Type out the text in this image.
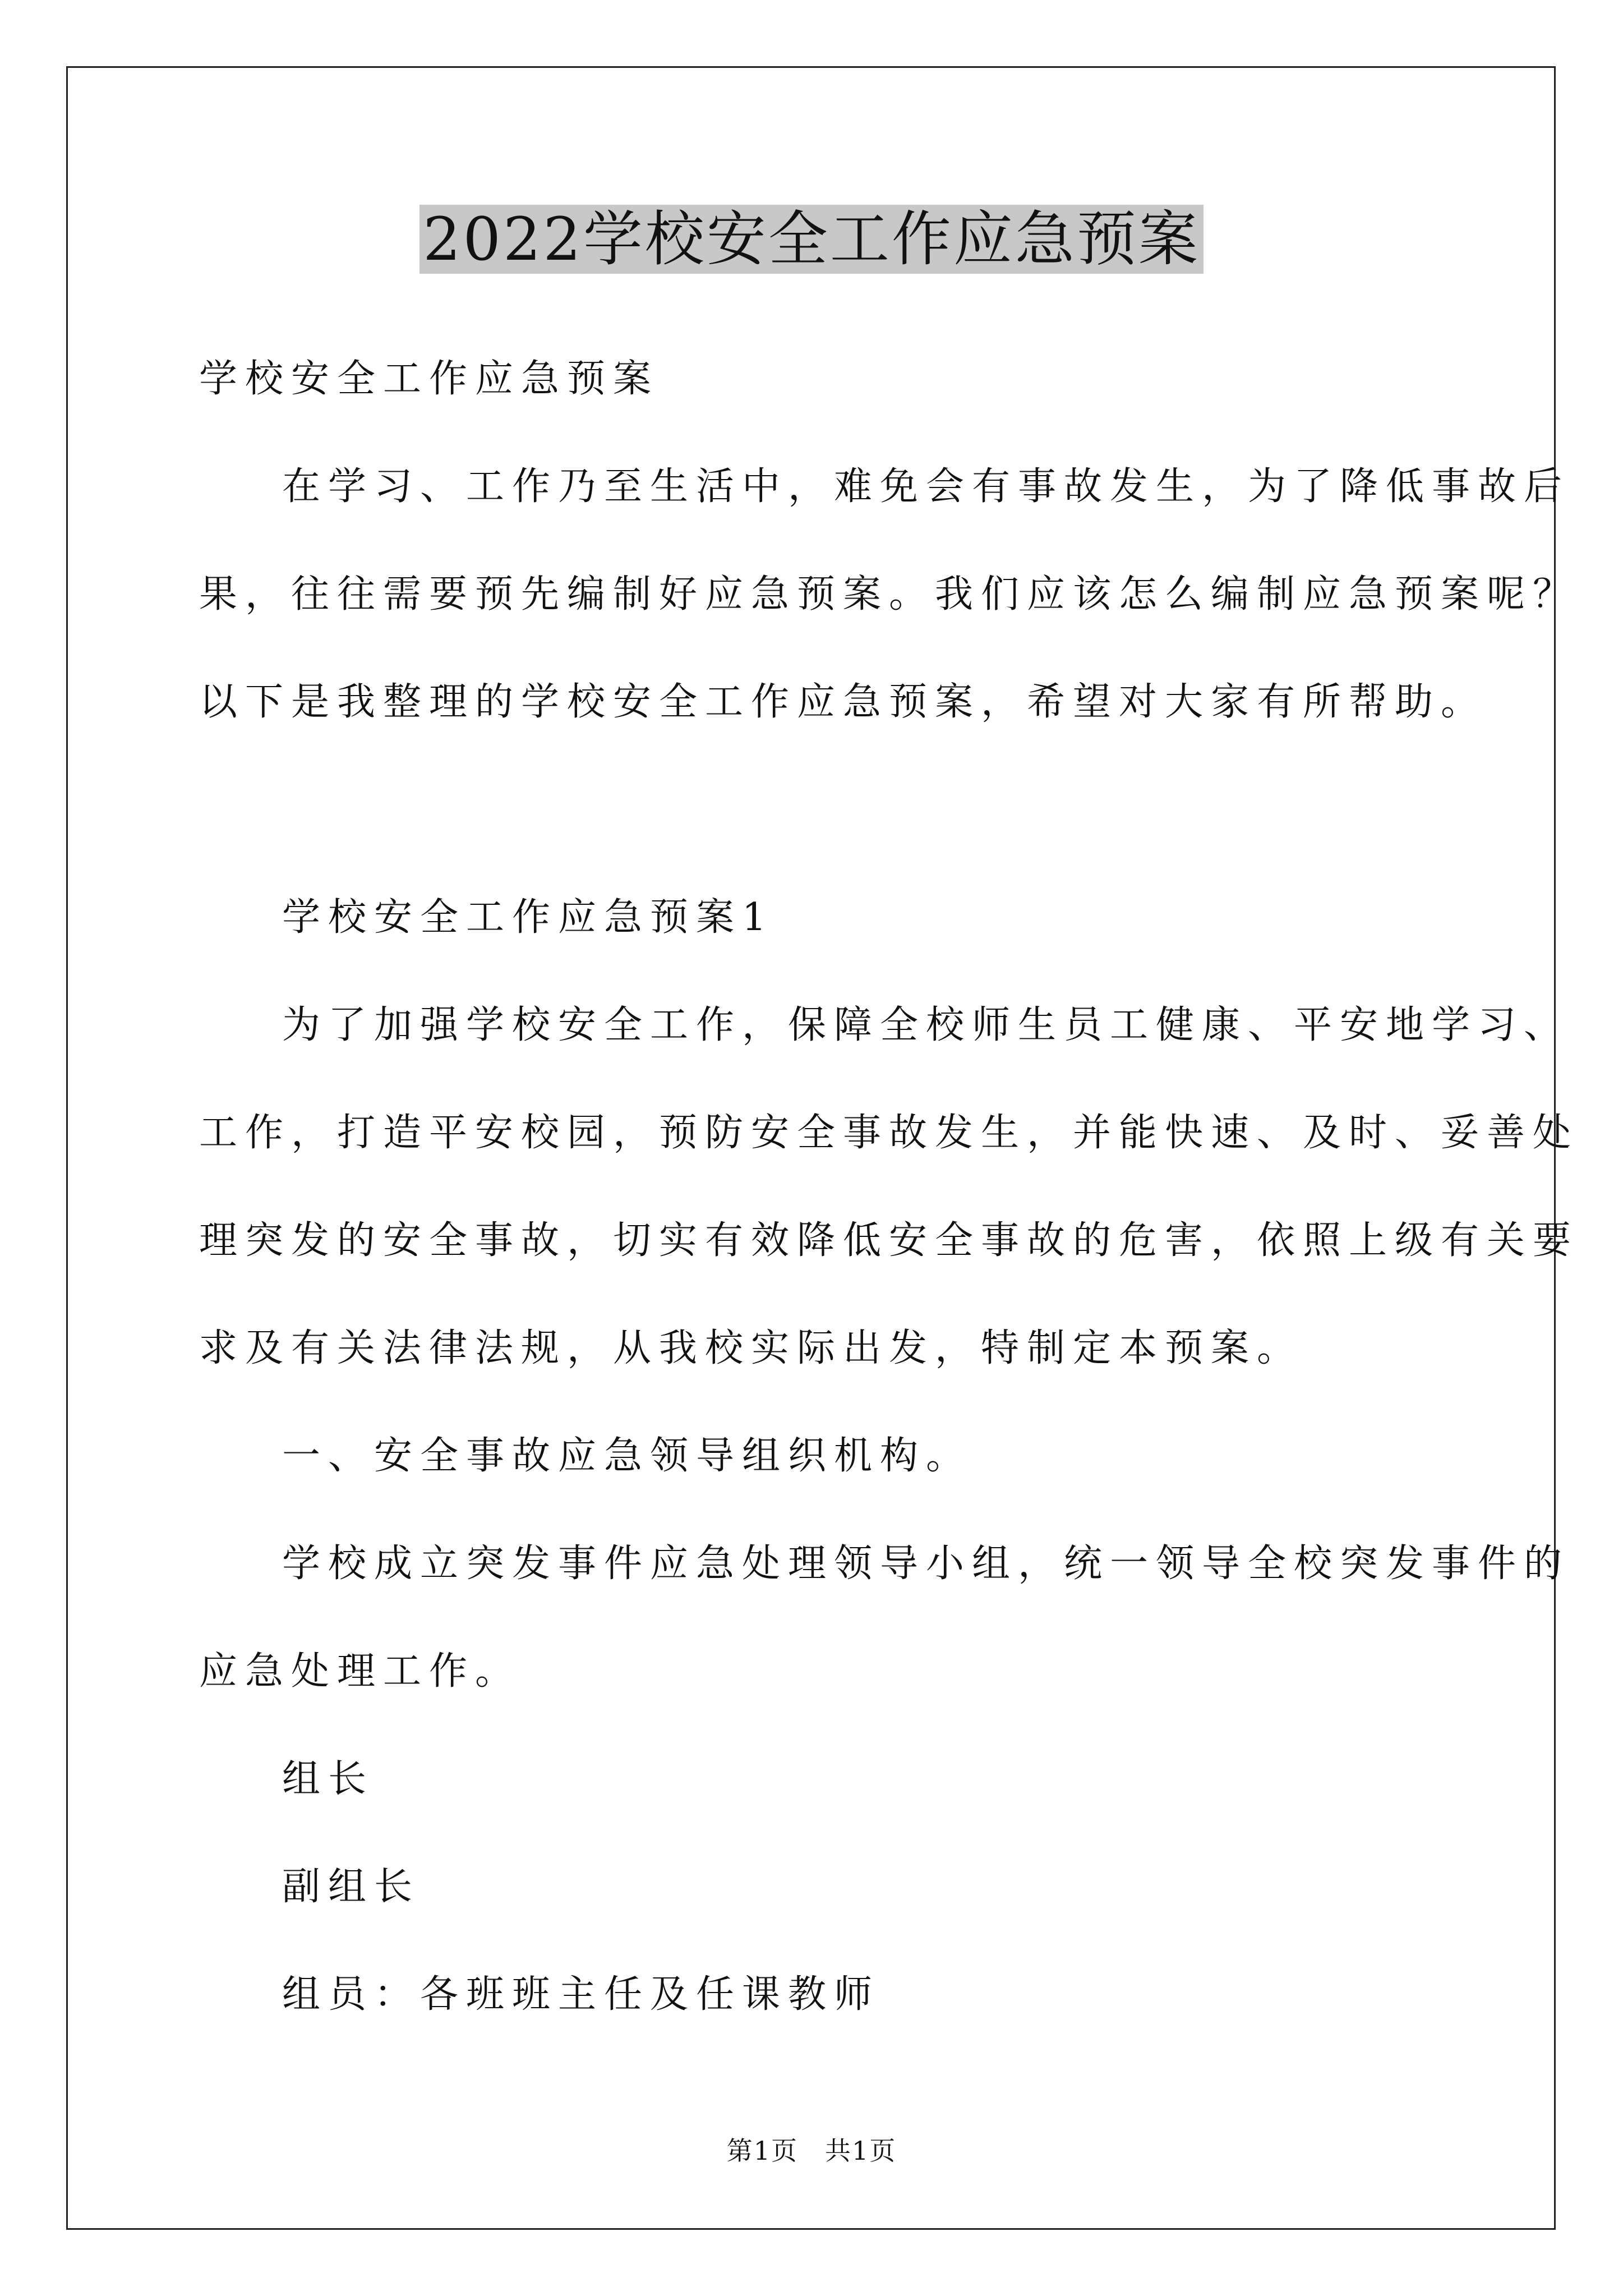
2022学校安全工作应急预案
学校安全工作应急预案
在学习、工作乃至生活中，难免会有事故发生，为了降低事故后
果，往往需要预先编制好应急预案。我们应该怎么编制应急预案呢？
以下是我整理的学校安全工作应急预案，希望对大家有所帮助。
学校安全工作应急预案1
为了加强学校安全工作，保障全校师生员工健康、平安地学习、
工作，打造平安校园，预防安全事故发生，并能快速、及时、妥善处
理突发的安全事故，切实有效降低安全事故的危害，依照上级有关要
求及有关法律法规，从我校实际出发，特制定本预案。
一、安全事故应急领导组织机构。
学校成立突发事件应急处理领导小组，统一领导全校突发事件的
应急处理工作。
组长
副组长
组员：各班班主任及任课教师
第1页　共1页
